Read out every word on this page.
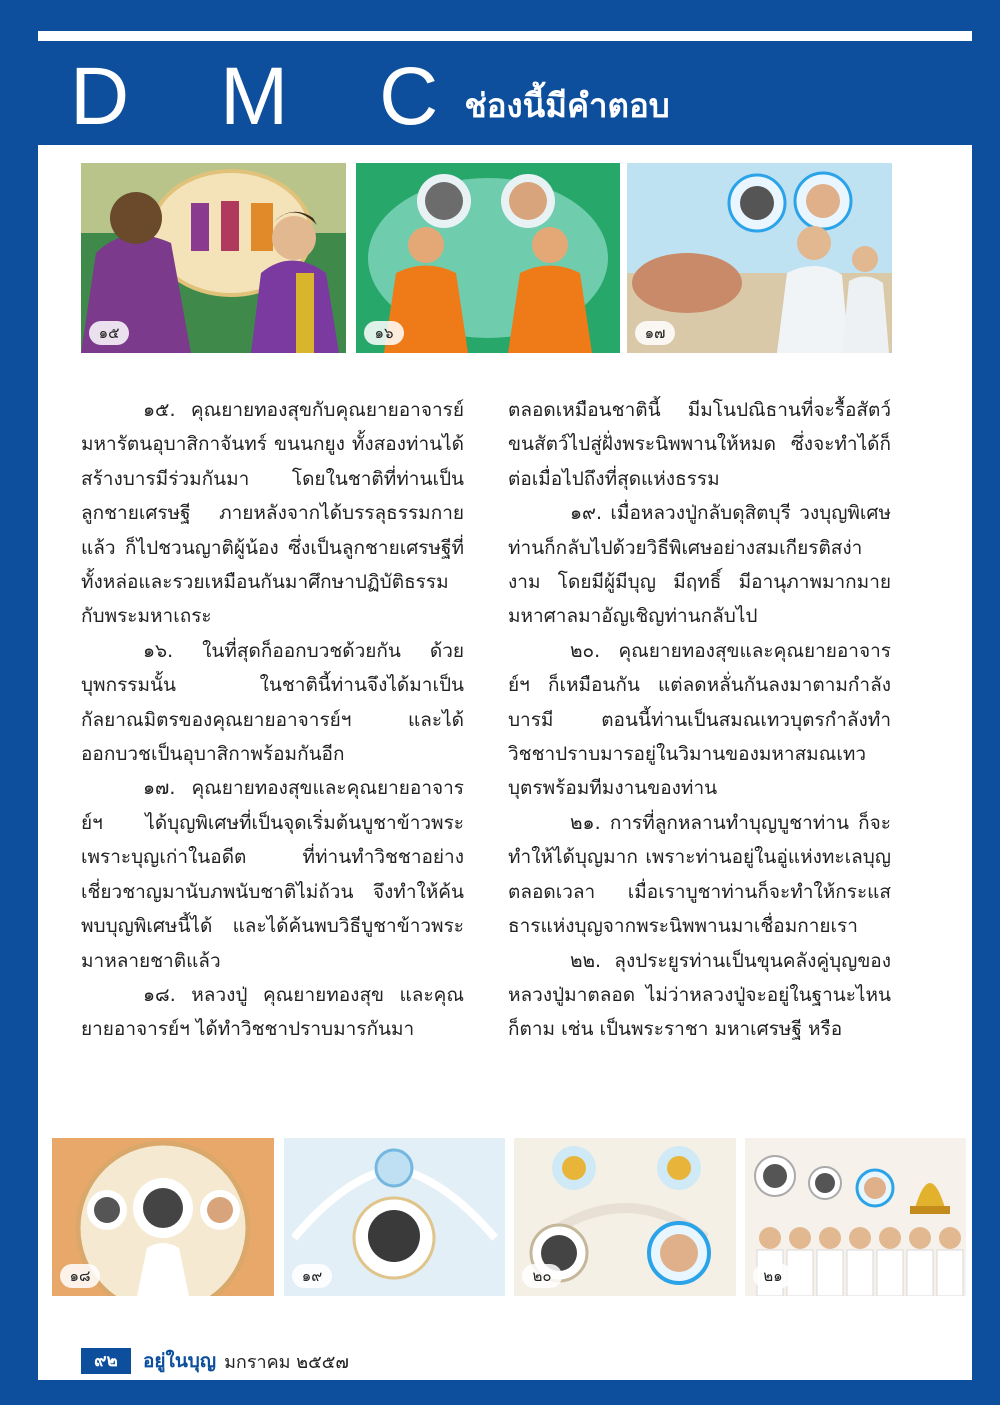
D M C
ช่องนี้มีคำตอบ
๑๕	๑๖	๑๗

๑๕. คุณยายทองสุขกับคุณยายอาจารย์มหารัตนอุบาสิกาจันทร์ ขนนกยูง ทั้งสองท่านได้สร้างบารมีร่วมกันมา โดยในชาติที่ท่านเป็นลูกชายเศรษฐี ภายหลังจากได้บรรลุธรรมกายแล้ว ก็ไปชวนญาติผู้น้อง ซึ่งเป็นลูกชายเศรษฐีที่ทั้งหล่อและรวยเหมือนกันมาศึกษาปฏิบัติธรรมกับพระมหาเถระ

๑๖. ในที่สุดก็ออกบวชด้วยกัน ด้วยบุพกรรมนั้น ในชาตินี้ท่านจึงได้มาเป็นกัลยาณมิตรของคุณยายอาจารย์ฯ และได้ออกบวชเป็นอุบาสิกาพร้อมกันอีก

๑๗. คุณยายทองสุขและคุณยายอาจารย์ฯ ได้บุญพิเศษที่เป็นจุดเริ่มต้นบูชาข้าวพระ เพราะบุญเก่าในอดีต ที่ท่านทำวิชชาอย่างเชี่ยวชาญมานับภพนับชาติไม่ถ้วน จึงทำให้ค้นพบบุญพิเศษนี้ได้ และได้ค้นพบวิธีบูชาข้าวพระมาหลายชาติแล้ว

๑๘. หลวงปู่ คุณยายทองสุข และคุณยายอาจารย์ฯ ได้ทำวิชชาปราบมารกันมา

ตลอดเหมือนชาตินี้ มีมโนปณิธานที่จะรื้อสัตว์ขนสัตว์ไปสู่ฝั่งพระนิพพานให้หมด ซึ่งจะทำได้ก็ต่อเมื่อไปถึงที่สุดแห่งธรรม

๑๙. เมื่อหลวงปู่กลับดุสิตบุรี วงบุญพิเศษ ท่านก็กลับไปด้วยวิธีพิเศษอย่างสมเกียรติสง่างาม โดยมีผู้มีบุญ มีฤทธิ์ มีอานุภาพมากมายมหาศาลมาอัญเชิญท่านกลับไป

๒๐. คุณยายทองสุขและคุณยายอาจารย์ฯ ก็เหมือนกัน แต่ลดหลั่นกันลงมาตามกำลังบารมี ตอนนี้ท่านเป็นสมณเทวบุตรกำลังทำวิชชาปราบมารอยู่ในวิมานของมหาสมณเทวบุตรพร้อมทีมงานของท่าน

๒๑. การที่ลูกหลานทำบุญบูชาท่าน ก็จะทำให้ได้บุญมาก เพราะท่านอยู่ในอู่แห่งทะเลบุญตลอดเวลา เมื่อเราบูชาท่านก็จะทำให้กระแสธารแห่งบุญจากพระนิพพานมาเชื่อมกายเรา

๒๒. ลุงประยูรท่านเป็นขุนคลังคู่บุญของหลวงปู่มาตลอด ไม่ว่าหลวงปู่จะอยู่ในฐานะไหนก็ตาม เช่น เป็นพระราชา มหาเศรษฐี หรือ

๑๘	๑๙	๒๐	๒๑
๙๒	อยู่ในบุญ มกราคม ๒๕๕๗
